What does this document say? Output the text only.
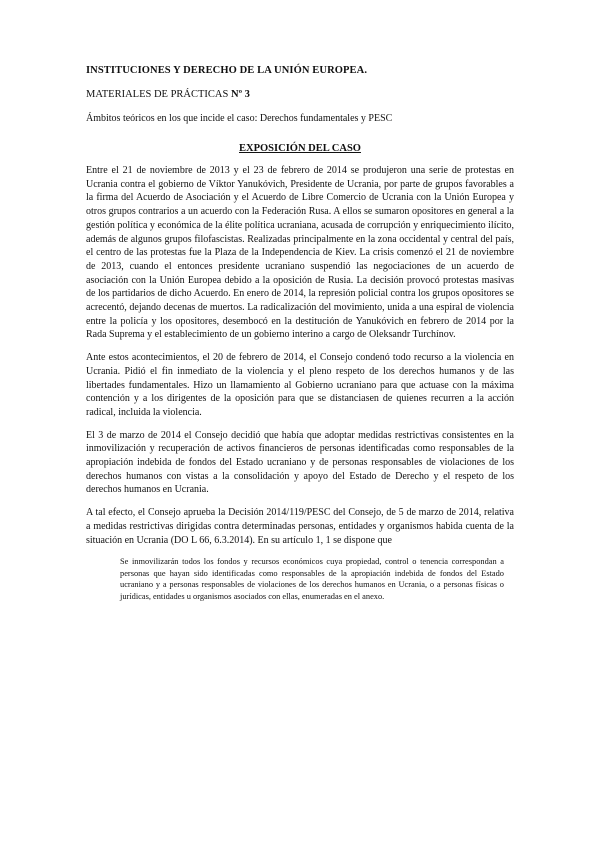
INSTITUCIONES Y DERECHO DE LA UNIÓN EUROPEA.
MATERIALES DE PRÁCTICAS Nº 3
Ámbitos teóricos en los que incide el caso: Derechos fundamentales y PESC
EXPOSICIÓN DEL CASO

Entre el 21 de noviembre de 2013 y el 23 de febrero de 2014 se produjeron una serie de protestas en Ucrania contra el gobierno de Víktor Yanukóvich, Presidente de Ucrania, por parte de grupos favorables a la firma del Acuerdo de Asociación y el Acuerdo de Libre Comercio de Ucrania con la Unión Europea y otros grupos contrarios a un acuerdo con la Federación Rusa. A ellos se sumaron opositores en general a la gestión política y económica de la élite política ucraniana, acusada de corrupción y enriquecimiento ilícito, además de algunos grupos filofascistas. Realizadas principalmente en la zona occidental y central del país, el centro de las protestas fue la Plaza de la Independencia de Kiev. La crisis comenzó el 21 de noviembre de 2013, cuando el entonces presidente ucraniano suspendió las negociaciones de un acuerdo de asociación con la Unión Europea debido a la oposición de Rusia. La decisión provocó protestas masivas de los partidarios de dicho Acuerdo. En enero de 2014, la represión policial contra los grupos opositores se acrecentó, dejando decenas de muertos. La radicalización del movimiento, unida a una espiral de violencia entre la policía y los opositores, desembocó en la destitución de Yanukóvich en febrero de 2014 por la Rada Suprema y el establecimiento de un gobierno interino a cargo de Oleksandr Turchínov.

Ante estos acontecimientos, el 20 de febrero de 2014, el Consejo condenó todo recurso a la violencia en Ucrania. Pidió el fin inmediato de la violencia y el pleno respeto de los derechos humanos y de las libertades fundamentales. Hizo un llamamiento al Gobierno ucraniano para que actuase con la máxima contención y a los dirigentes de la oposición para que se distanciasen de quienes recurren a la acción radical, incluida la violencia.

El 3 de marzo de 2014 el Consejo decidió que había que adoptar medidas restrictivas consistentes en la inmovilización y recuperación de activos financieros de personas identificadas como responsables de la apropiación indebida de fondos del Estado ucraniano y de personas responsables de violaciones de los derechos humanos con vistas a la consolidación y apoyo del Estado de Derecho y el respeto de los derechos humanos en Ucrania.

A tal efecto, el Consejo aprueba la Decisión 2014/119/PESC del Consejo, de 5 de marzo de 2014, relativa a medidas restrictivas dirigidas contra determinadas personas, entidades y organismos habida cuenta de la situación en Ucrania (DO L 66, 6.3.2014). En su artículo 1, 1 se dispone que

Se inmovilizarán todos los fondos y recursos económicos cuya propiedad, control o tenencia correspondan a personas que hayan sido identificadas como responsables de la apropiación indebida de fondos del Estado ucraniano y a personas responsables de violaciones de los derechos humanos en Ucrania, o a personas físicas o jurídicas, entidades u organismos asociados con ellas, enumeradas en el anexo.
